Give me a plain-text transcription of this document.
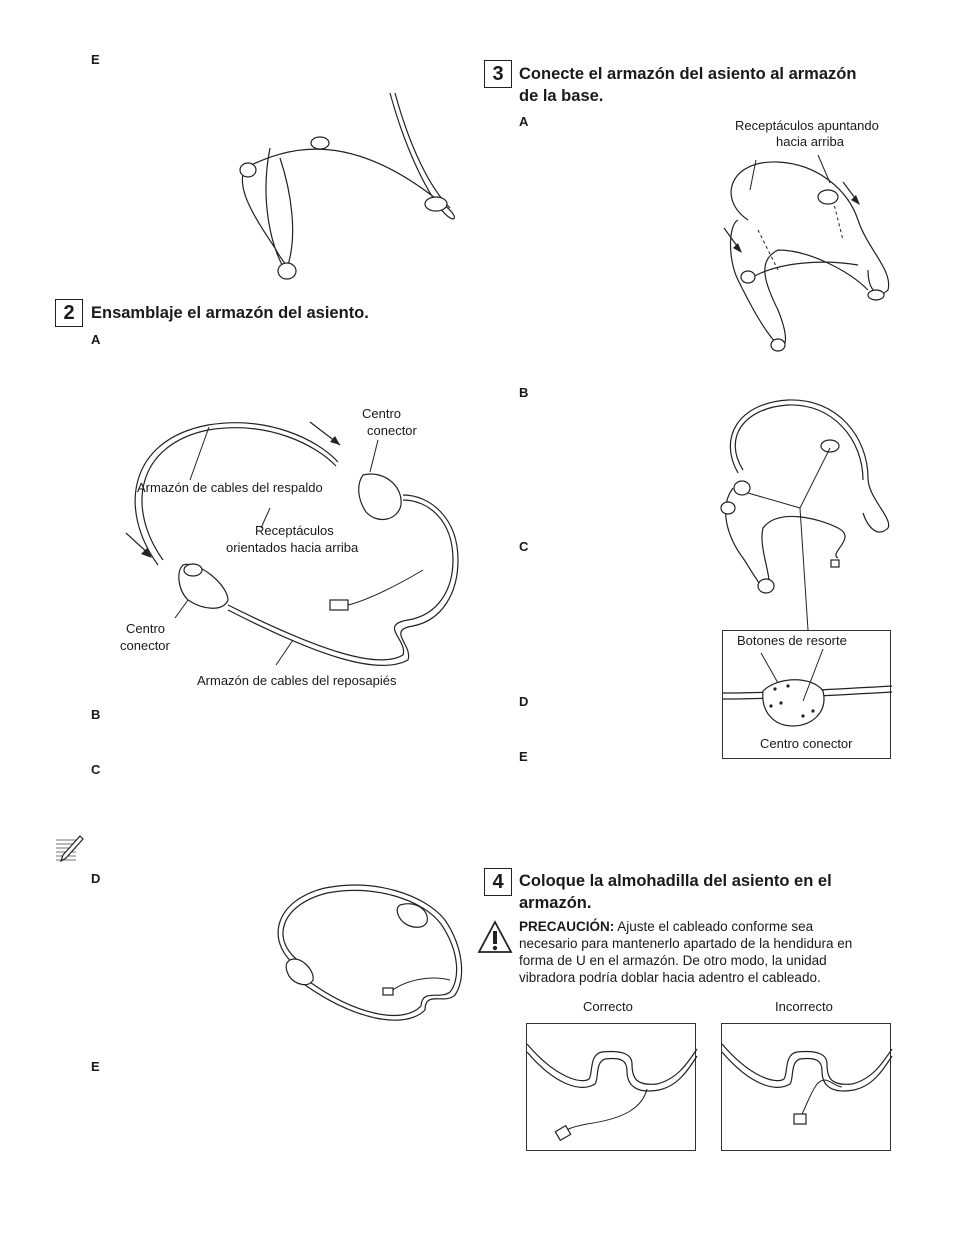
E
2 Ensamblaje el armazón del asiento.
A
Centro
conector
Armazón de cables del respaldo
Receptáculos
orientados hacia arriba
Centro
conector
Armazón de cables del reposapiés
B
C
D
E
3 Conecte el armazón del asiento al armazón
de la base.
A	Receptáculos apuntando
hacia arriba
B
C
Botones de resorte
Centro conector
D
E
4 Coloque la almohadilla del asiento en el
armazón.
PRECAUCIÓN: Ajuste el cableado conforme sea
necesario para mantenerlo apartado de la hendidura en
forma de U en el armazón. De otro modo, la unidad
vibradora podría doblar hacia adentro el cableado.
Correcto	Incorrecto
